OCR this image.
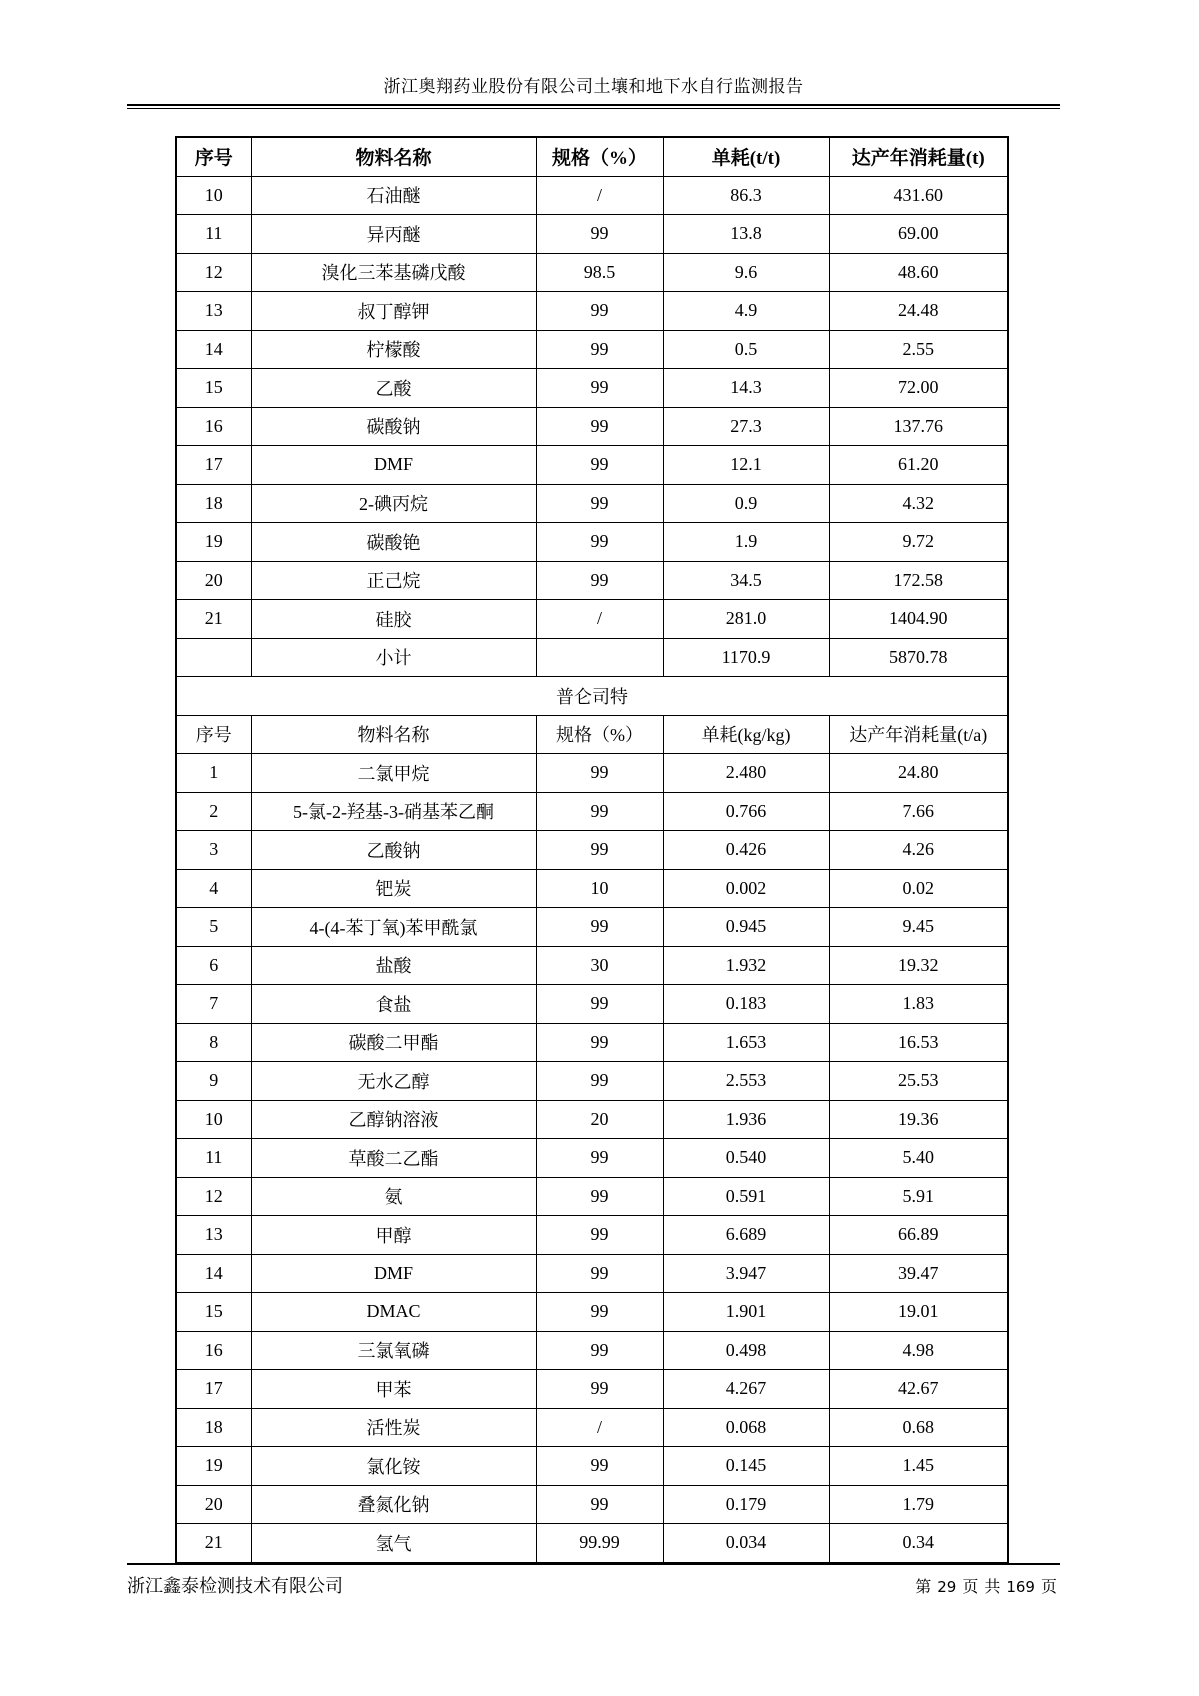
浙江奥翔药业股份有限公司土壤和地下水自行监测报告
序号	物料名称	规格（%）	单耗(t/t)	达产年消耗量(t)
10	石油醚	/	86.3	431.60
11	异丙醚	99	13.8	69.00
12	溴化三苯基磷戊酸	98.5	9.6	48.60
13	叔丁醇钾	99	4.9	24.48
14	柠檬酸	99	0.5	2.55
15	乙酸	99	14.3	72.00
16	碳酸钠	99	27.3	137.76
17	DMF	99	12.1	61.20
18	2-碘丙烷	99	0.9	4.32
19	碳酸铯	99	1.9	9.72
20	正己烷	99	34.5	172.58
21	硅胶	/	281.0	1404.90
	小计		1170.9	5870.78
普仑司特				
序号	物料名称	规格（%）	单耗(kg/kg)	达产年消耗量(t/a)
1	二氯甲烷	99	2.480	24.80
2	5-氯-2-羟基-3-硝基苯乙酮	99	0.766	7.66
3	乙酸钠	99	0.426	4.26
4	钯炭	10	0.002	0.02
5	4-(4-苯丁氧)苯甲酰氯	99	0.945	9.45
6	盐酸	30	1.932	19.32
7	食盐	99	0.183	1.83
8	碳酸二甲酯	99	1.653	16.53
9	无水乙醇	99	2.553	25.53
10	乙醇钠溶液	20	1.936	19.36
11	草酸二乙酯	99	0.540	5.40
12	氨	99	0.591	5.91
13	甲醇	99	6.689	66.89
14	DMF	99	3.947	39.47
15	DMAC	99	1.901	19.01
16	三氯氧磷	99	0.498	4.98
17	甲苯	99	4.267	42.67
18	活性炭	/	0.068	0.68
19	氯化铵	99	0.145	1.45
20	叠氮化钠	99	0.179	1.79
21	氢气	99.99	0.034	0.34
浙江鑫泰检测技术有限公司	第 29 页 共 169 页
